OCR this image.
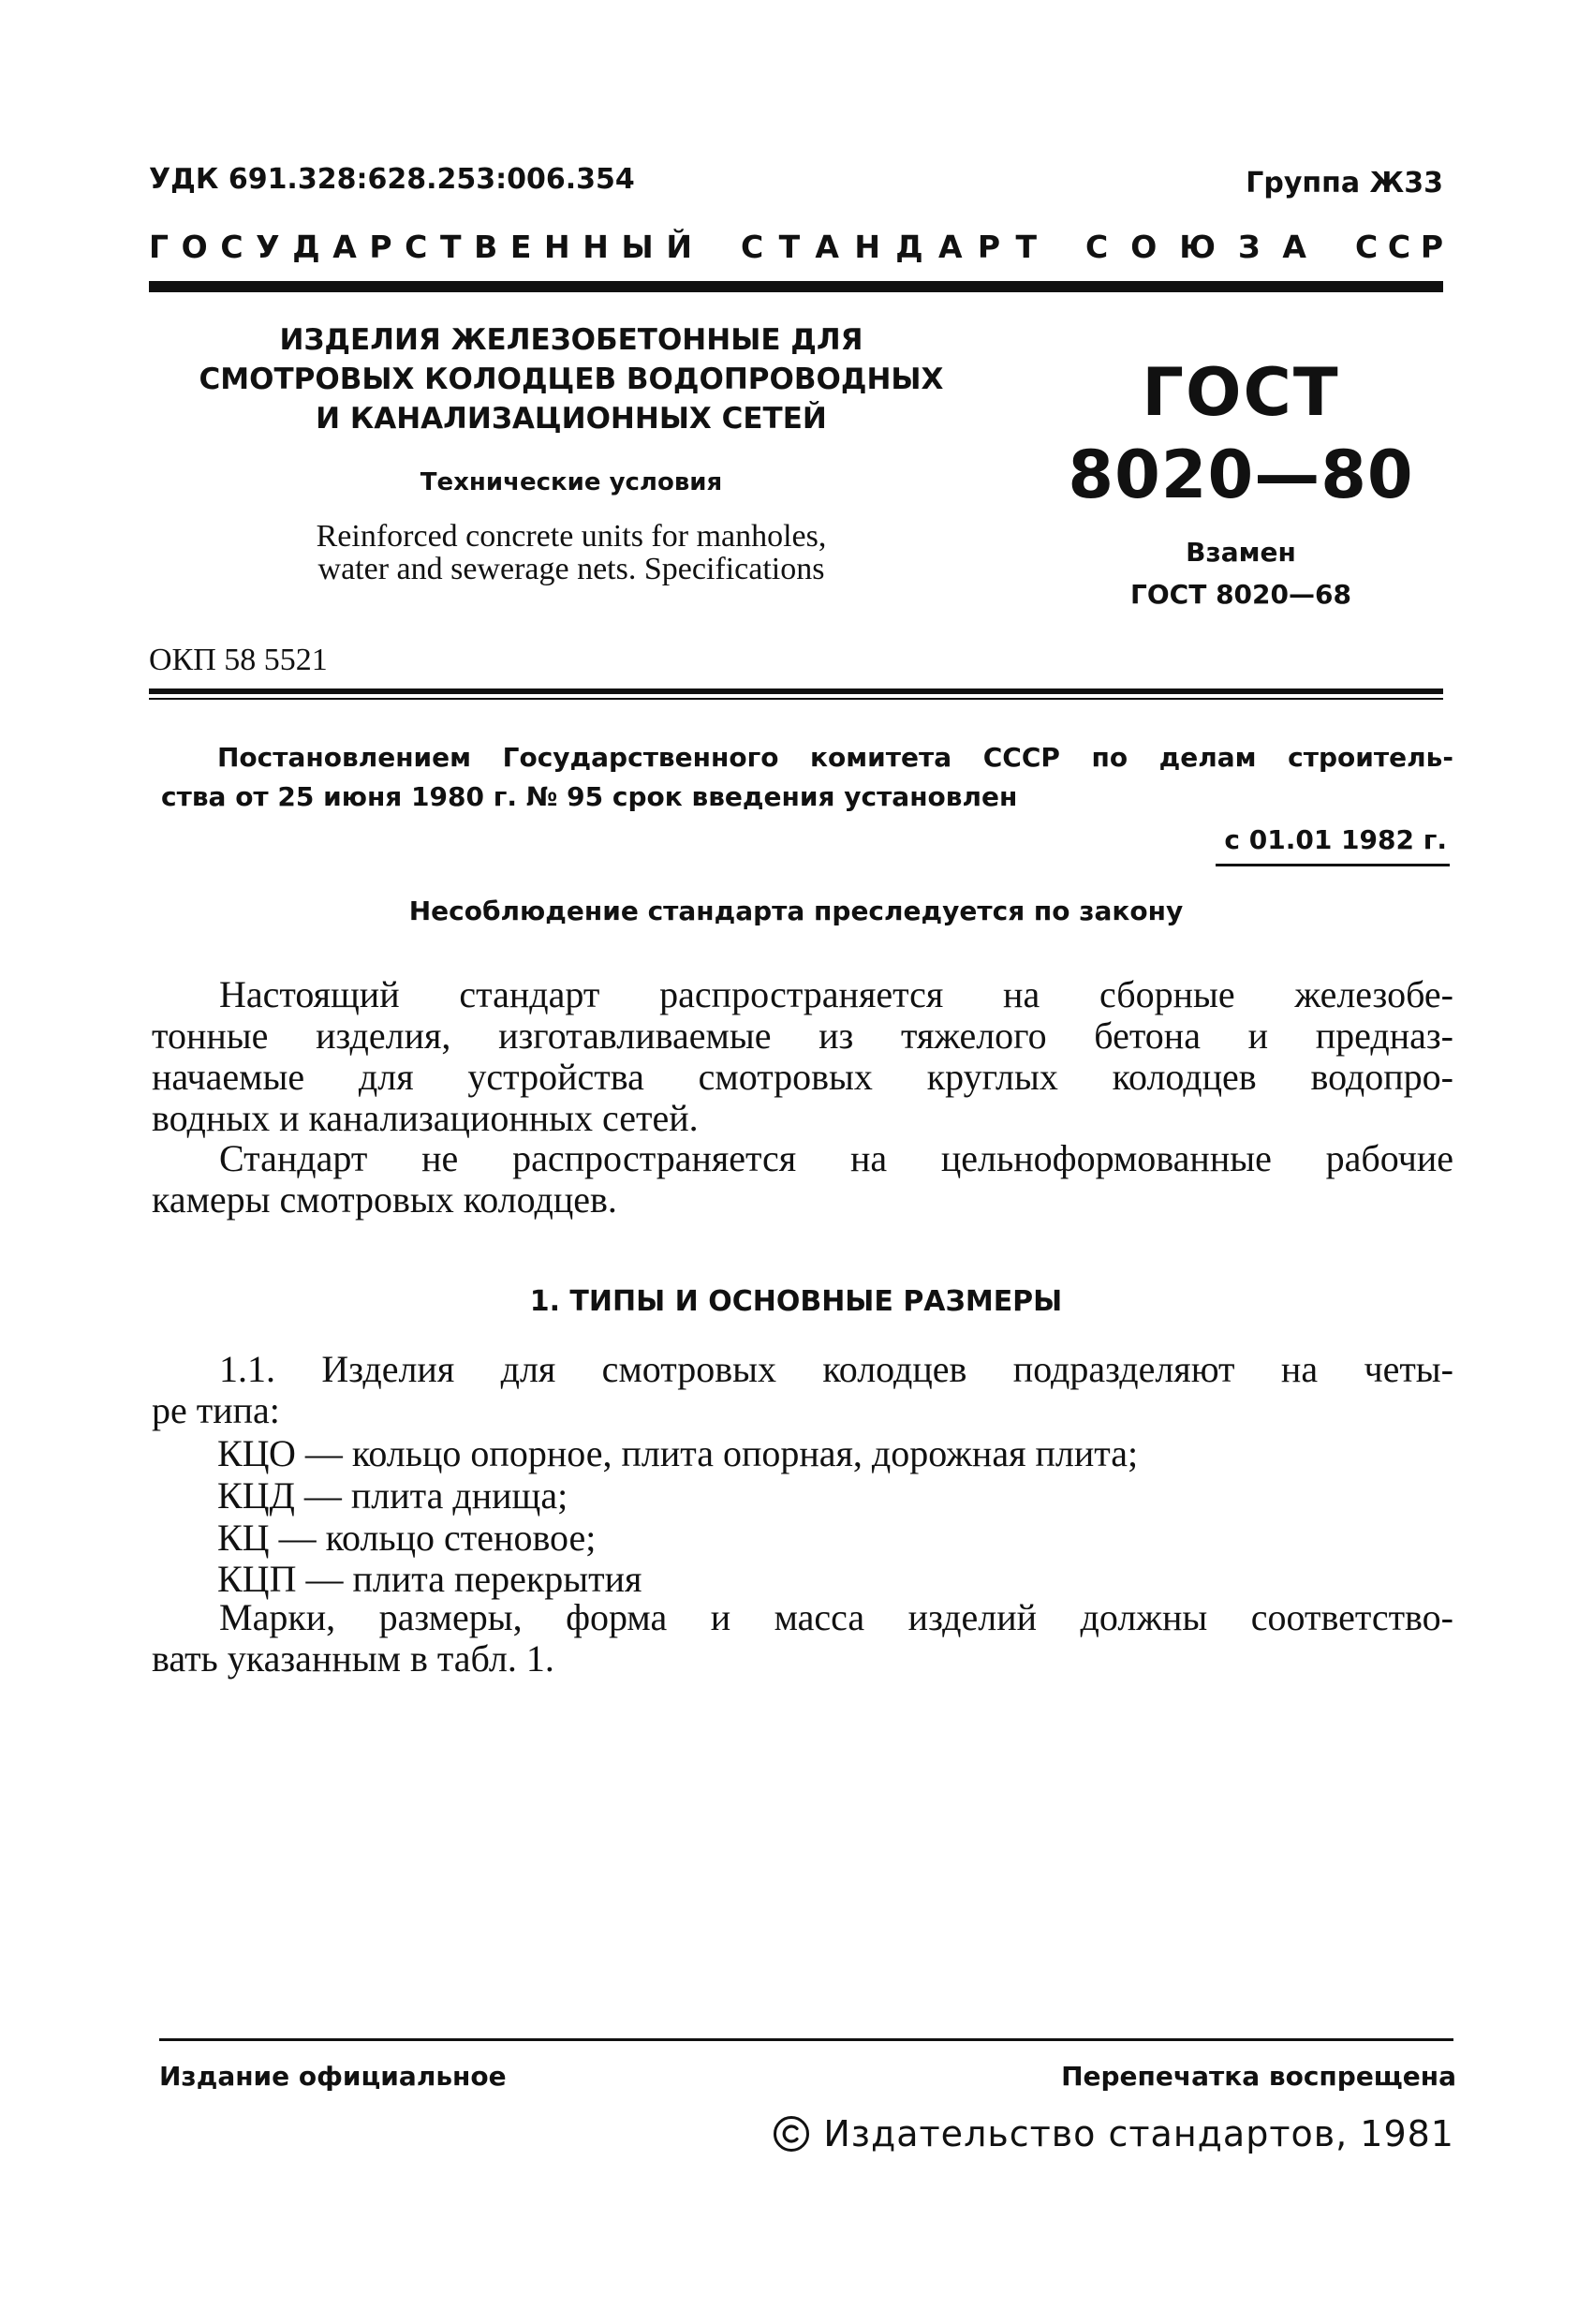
УДК 691.328:628.253:006.354	Группа Ж33
Г О С У Д А Р С Т В Е Н Н Ы Й С Т А Н Д А Р Т С О Ю З А С С Р
ИЗДЕЛИЯ ЖЕЛЕЗОБЕТОННЫЕ ДЛЯ
СМОТРОВЫХ КОЛОДЦЕВ ВОДОПРОВОДНЫХ
И КАНАЛИЗАЦИОННЫХ СЕТЕЙ
Технические условия
Reinforced concrete units for manholes, water and sewerage nets. Specifications
ГОСТ
8020—80
Взамен
ГОСТ 8020—68
ОКП 58 5521
Постановлением Государственного комитета СССР по делам строитель-
ства от 25 июня 1980 г. № 95 срок введения установлен
с 01.01 1982 г.
Несоблюдение стандарта преследуется по закону
Настоящий стандарт распространяется на сборные железобе-
тонные изделия, изготавливаемые из тяжелого бетона и предназ-
начаемые для устройства смотровых круглых колодцев водопро-
водных и канализационных сетей.
Стандарт не распространяется на цельноформованные рабочие
камеры смотровых колодцев.
1. ТИПЫ И ОСНОВНЫЕ РАЗМЕРЫ
1.1. Изделия для смотровых колодцев подразделяют на четы-
ре типа:
КЦО — кольцо опорное, плита опорная, дорожная плита;
КЦД — плита днища;
КЦ — кольцо стеновое;
КЦП — плита перекрытия
Марки, размеры, форма и масса изделий должны соответство-
вать указанным в табл. 1.
Издание официальное	Перепечатка воспрещена
Издательство стандартов, 1981
